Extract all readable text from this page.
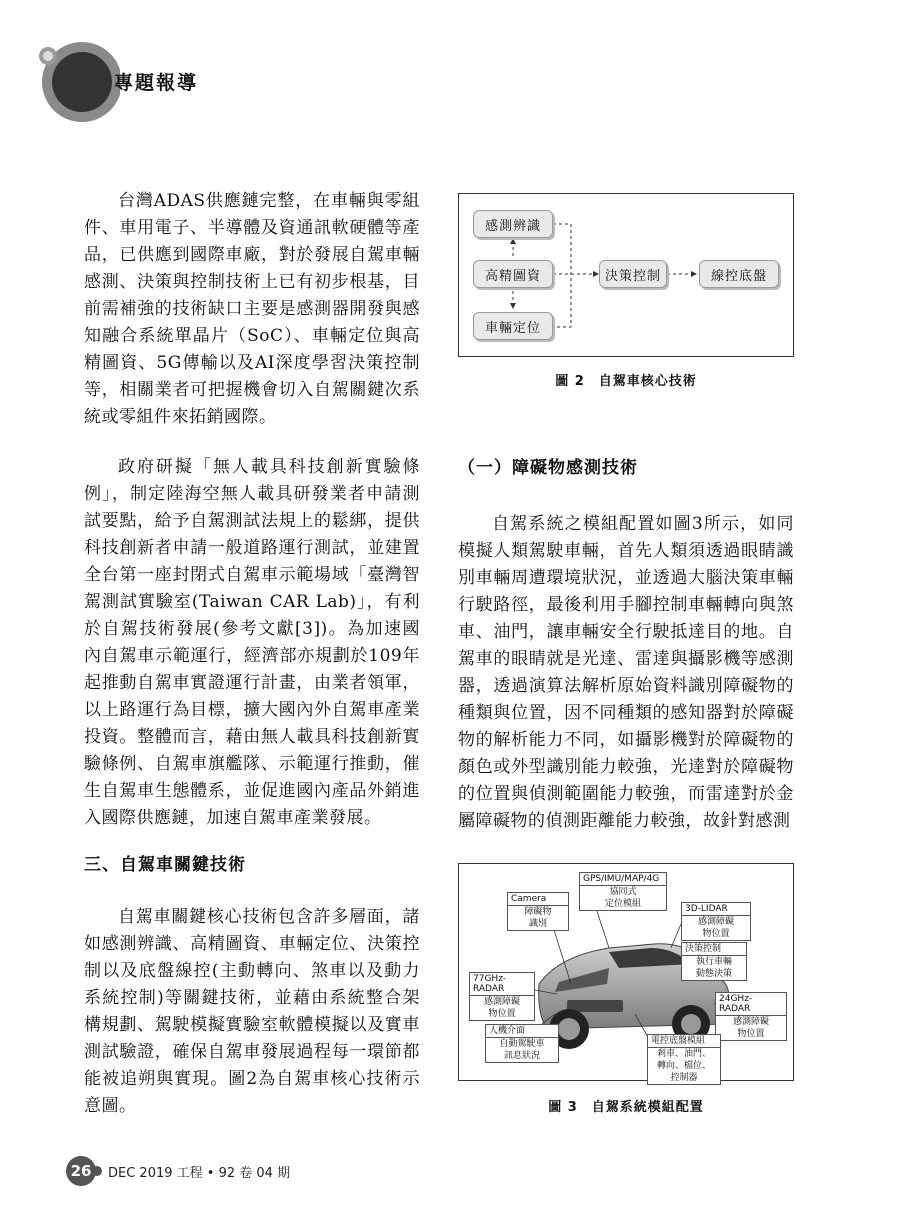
專題報導

台灣ADAS供應鏈完整，在車輛與零組件、車用電子、半導體及資通訊軟硬體等產品，已供應到國際車廠，對於發展自駕車輛感測、決策與控制技術上已有初步根基，目前需補強的技術缺口主要是感測器開發與感知融合系統單晶片（SoC）、車輛定位與高精圖資、5G傳輸以及AI深度學習決策控制等，相關業者可把握機會切入自駕關鍵次系統或零組件來拓銷國際。

政府研擬「無人載具科技創新實驗條例」，制定陸海空無人載具研發業者申請測試要點，給予自駕測試法規上的鬆綁，提供科技創新者申請一般道路運行測試，並建置全台第一座封閉式自駕車示範場域「臺灣智駕測試實驗室(Taiwan CAR Lab)」，有利於自駕技術發展(參考文獻[3])。為加速國內自駕車示範運行，經濟部亦規劃於109年起推動自駕車實證運行計畫，由業者領軍，以上路運行為目標，擴大國內外自駕車產業投資。整體而言，藉由無人載具科技創新實驗條例、自駕車旗艦隊、示範運行推動，催生自駕車生態體系，並促進國內產品外銷進入國際供應鏈，加速自駕車產業發展。

三、自駕車關鍵技術

自駕車關鍵核心技術包含許多層面，諸如感測辨識、高精圖資、車輛定位、決策控制以及底盤線控(主動轉向、煞車以及動力系統控制)等關鍵技術，並藉由系統整合架構規劃、駕駛模擬實驗室軟體模擬以及實車測試驗證，確保自駕車發展過程每一環節都能被追朔與實現。圖2為自駕車核心技術示意圖。

感測辨識
高精圖資
車輛定位
決策控制	線控底盤
圖 2　自駕車核心技術
（一）障礙物感測技術

自駕系統之模組配置如圖3所示，如同模擬人類駕駛車輛，首先人類須透過眼睛識別車輛周遭環境狀況，並透過大腦決策車輛行駛路徑，最後利用手腳控制車輛轉向與煞車、油門，讓車輛安全行駛抵達目的地。自駕車的眼睛就是光達、雷達與攝影機等感測器，透過演算法解析原始資料識別障礙物的種類與位置，因不同種類的感知器對於障礙物的解析能力不同，如攝影機對於障礙物的顏色或外型識別能力較強，光達對於障礙物的位置與偵測範圍能力較強，而雷達對於金屬障礙物的偵測距離能力較強，故針對感測

GPS/IMU/MAP/4G
協同式
定位模組
Camera
障礙物
識別
3D-LIDAR
感測障礙
物位置
決策控制
執行車輛
動態決策
77GHz-RADAR
感測障礙
物位置
24GHz-RADAR
感測障礙
物位置
人機介面
自動駕駛車
訊息狀況
電控底盤模組
剎車、油門、
轉向、檔位、
控制器
圖 3　自駕系統模組配置
26	DEC 2019 工程 • 92 卷 04 期
